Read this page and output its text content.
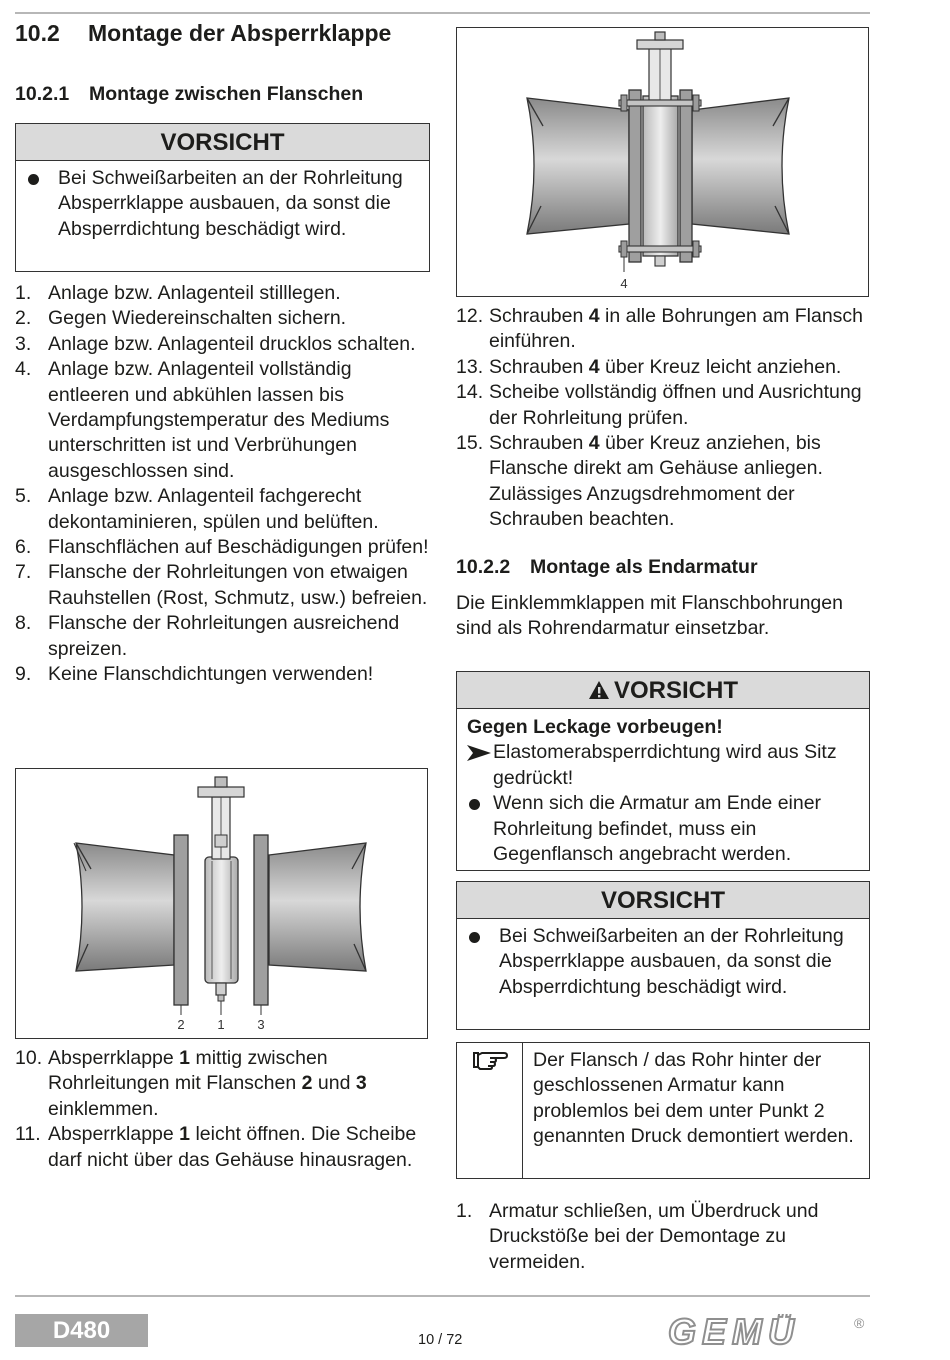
10.2 Montage der Absperrklappe
10.2.1 Montage zwischen Flanschen
VORSICHT
Bei Schweißarbeiten an der Rohrleitung Absperrklappe ausbauen, da sonst die Absperrdichtung beschädigt wird.
1. Anlage bzw. Anlagenteil stilllegen.
2. Gegen Wiedereinschalten sichern.
3. Anlage bzw. Anlagenteil drucklos schalten.
4. Anlage bzw. Anlagenteil vollständig entleeren und abkühlen lassen bis Verdampfungstemperatur des Mediums unterschritten ist und Verbrühungen ausgeschlossen sind.
5. Anlage bzw. Anlagenteil fachgerecht dekontaminieren, spülen und belüften.
6. Flanschflächen auf Beschädigungen prüfen!
7. Flansche der Rohrleitungen von etwaigen Rauhstellen (Rost, Schmutz, usw.) befreien.
8. Flansche der Rohrleitungen ausreichend spreizen.
9. Keine Flanschdichtungen verwenden!
2	1	3
10. Absperrklappe 1 mittig zwischen Rohrleitungen mit Flanschen 2 und 3 einklemmen.
11. Absperrklappe 1 leicht öffnen. Die Scheibe darf nicht über das Gehäuse hinausragen.
4
12. Schrauben 4 in alle Bohrungen am Flansch einführen.
13. Schrauben 4 über Kreuz leicht anziehen.
14. Scheibe vollständig öffnen und Ausrichtung der Rohrleitung prüfen.
15. Schrauben 4 über Kreuz anziehen, bis Flansche direkt am Gehäuse anliegen. Zulässiges Anzugsdrehmoment der Schrauben beachten.
10.2.2 Montage als Endarmatur

Die Einklemmklappen mit Flanschbohrungen sind als Rohrendarmatur einsetzbar.

VORSICHT
Gegen Leckage vorbeugen!
Elastomerabsperrdichtung wird aus Sitz gedrückt!
Wenn sich die Armatur am Ende einer Rohrleitung befindet, muss ein Gegenflansch angebracht werden.
VORSICHT
Bei Schweißarbeiten an der Rohrleitung Absperrklappe ausbauen, da sonst die Absperrdichtung beschädigt wird.
Der Flansch / das Rohr hinter der geschlossenen Armatur kann problemlos bei dem unter Punkt 2 genannten Druck demontiert werden.
1. Armatur schließen, um Überdruck und Druckstöße bei der Demontage zu vermeiden.
D480	10 / 72	GEMÜ	®
